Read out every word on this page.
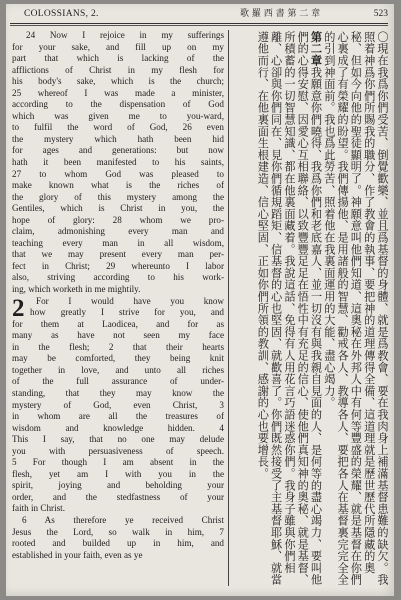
COLOSSIANS, 2.	歌 羅 西 書 第 二 章	523

24 Now I rejoice in my sufferings
for your sake, and fill up on my
part that which is lacking of the
afflictions of Christ in my flesh for
his body's sake, which is the church;
25 whereof I was made a minister,
according to the dispensation of God
which was given me to you-ward,
to fulfil the word of God, 26 even
the mystery which hath been hid
for ages and generations: but now
hath it been manifested to his saints,
27 to whom God was pleased to
make known what is the riches of
the glory of this mystery among the
Gentiles, which is Christ in you, the
hope of glory: 28 whom we pro-
claim, admonishing every man and
teaching every man in all wisdom,
that we may present every man per-
fect in Christ; 29 whereunto I labor
also, striving according to his work-
ing, which worketh in me mightily.

2	For I would have you know
how greatly I strive for you, and
for them at Laodicea, and for as
many as have not seen my face
in the flesh; 2 that their hearts
may be comforted, they being knit
together in love, and unto all riches
of the full assurance of under-
standing, that they may know the
mystery of God, even Christ, 3
in whom are all the treasures of
wisdom and knowledge hidden. 4
This I say, that no one may delude
you with persuasiveness of speech.
5 For though I am absent in the
flesh, yet am I with you in the
spirit, joying and beholding your
order, and the stedfastness of your
faith in Christ.
6 As therefore ye received Christ
Jesus the Lord, so walk in him, 7
rooted and builded up in him, and
established in your faith, even as ye	〇現在我爲你們受苦、倒覺歡樂、並且爲基督的身體、就是爲教會、要在我肉身上補滿基督患難的缺欠。我照着神爲你們所賜我的職分、作了教會的執事、要把神的道理傳得全備、這道理就是歷世歷代所隱藏的奧秘、但如今向他的聖徒顯明了。神願意叫他們知道、這奧秘在外邦人中有何等豐盛的榮耀、就是基督在你們心裏成了有榮耀的盼望。我們傳揚他、是用諸般的智慧、勸戒各人、教導各人、要把各人在基督裏完完全全的引到神面前。我也爲此勞苦、照着他在我裏面運用的大能、盡心竭力。

第二章我願意你們曉得、我爲你們和老底嘉人、並一切沒有與我親自見面的人、是何等的盡心竭力、要叫他們的心得安慰、因愛心互相聯絡、以致豐豐足足在悟性中有充足的信心、使他們真知神的奧秘、就是基督、所積蓄的一切智慧知識、都在他裏面藏着。我說這話、免得有人用花言巧語迷惑你們。我身子雖與你們相離、心卻與你們同在、見你們循規蹈矩、信基督的心也堅固、就歡喜了。你們既然接受了主基督耶穌、就當遵他而行、在他裏面生根建造、信心堅固、正如你們所領的教訓、感謝的心也要增長。
